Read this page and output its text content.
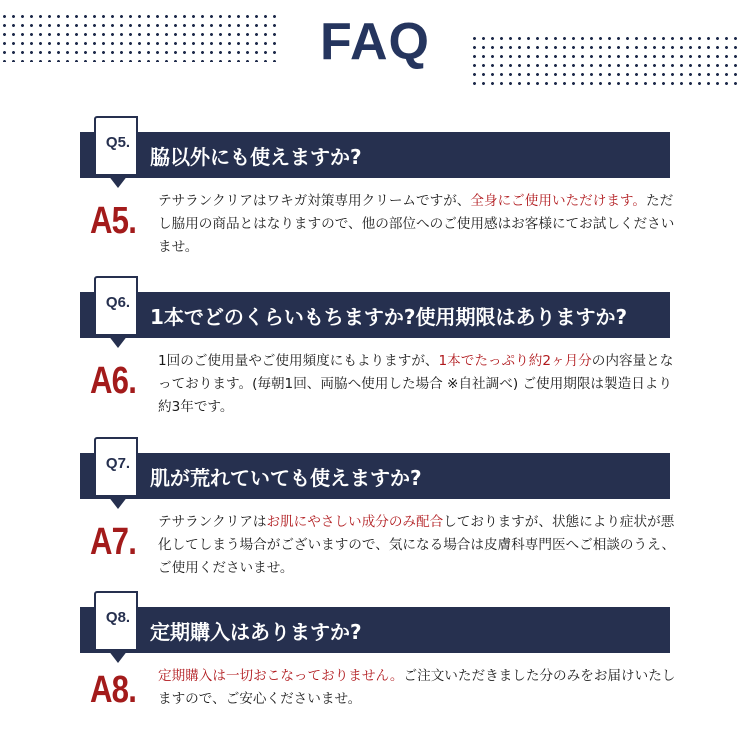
FAQ
Q5.
脇以外にも使えますか?
A5. テサランクリアはワキガ対策専用クリームですが、全身にご使用いただけます。ただし脇用の商品とはなりますので、他の部位へのご使用感はお客様にてお試しくださいませ。
Q6.
1本でどのくらいもちますか?使用期限はありますか?
A6. 1回のご使用量やご使用頻度にもよりますが、1本でたっぷり約2ヶ月分の内容量となっております。(毎朝1回、両脇へ使用した場合 ※自社調べ) ご使用期限は製造日より約3年です。
Q7.
肌が荒れていても使えますか?
A7. テサランクリアはお肌にやさしい成分のみ配合しておりますが、状態により症状が悪化してしまう場合がございますので、気になる場合は皮膚科専門医へご相談のうえ、ご使用くださいませ。
Q8.
定期購入はありますか?
A8. 定期購入は一切おこなっておりません。ご注文いただきました分のみをお届けいたしますので、ご安心くださいませ。
